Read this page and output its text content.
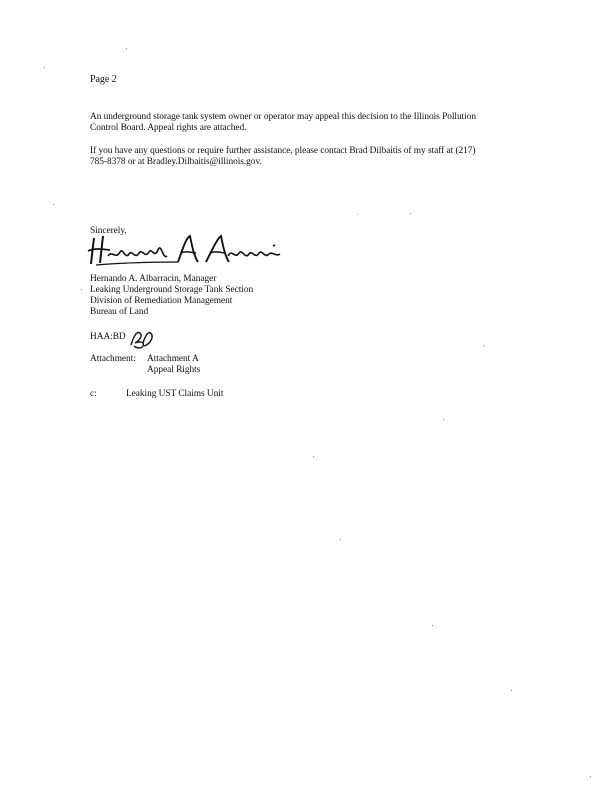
Page 2
An underground storage tank system owner or operator may appeal this decision to the Illinois Pollution
Control Board. Appeal rights are attached.
If you have any questions or require further assistance, please contact Brad Dilbaitis of my staff at (217)
785-8378 or at Bradley.Dilbaitis@illinois.gov.
Sincerely,
Hernando A. Albarracin, Manager
Leaking Underground Storage Tank Section
Division of Remediation Management
Bureau of Land
HAA:BD
Attachment: Attachment A
Appeal Rights
c:	Leaking UST Claims Unit
